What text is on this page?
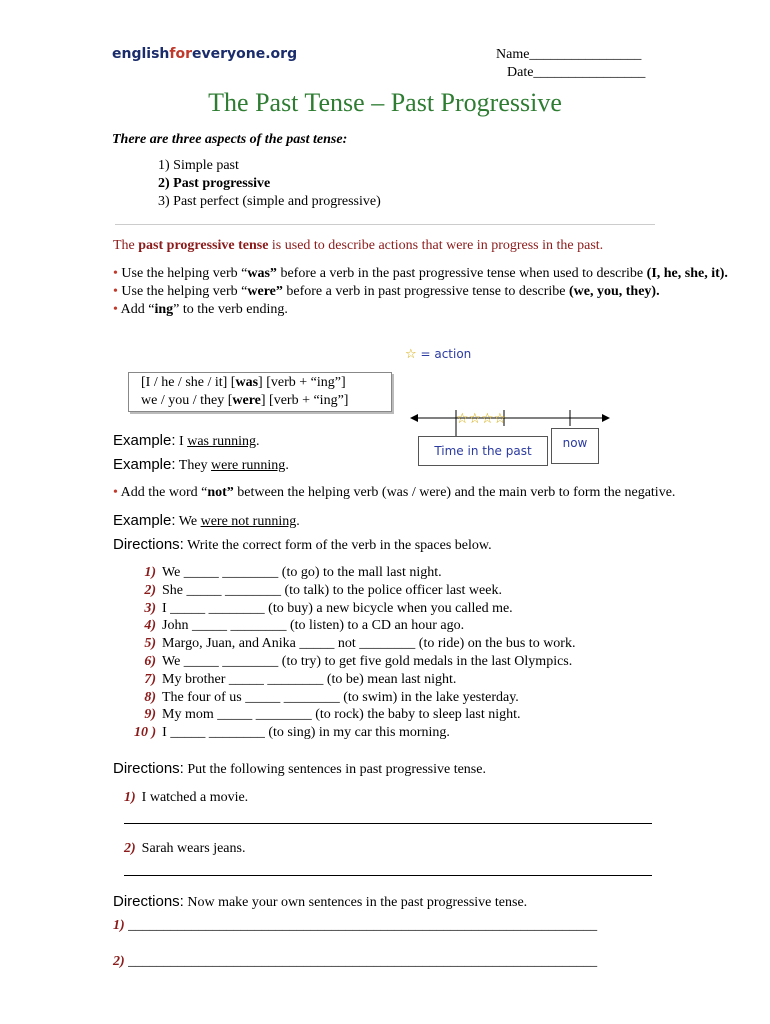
englishforeveryone.org	Name________________
Date________________
The Past Tense – Past Progressive
There are three aspects of the past tense:
1) Simple past
2) Past progressive
3) Past perfect (simple and progressive)
The past progressive tense is used to describe actions that were in progress in the past.
• Use the helping verb “was” before a verb in the past progressive tense when used to describe (I, he, she, it).
• Use the helping verb “were” before a verb in past progressive tense to describe (we, you, they).
• Add “ing” to the verb ending.
☆ = action
[I / he / she / it] [was] [verb + “ing”]
we / you / they [were] [verb + “ing”]
☆☆☆☆
Time in the past
now
Example: I was running.
Example: They were running.
• Add the word “not” between the helping verb (was / were) and the main verb to form the negative.
Example: We were not running.
Directions: Write the correct form of the verb in the spaces below.
1) We _____ ________ (to go) to the mall last night.
2) She _____ ________ (to talk) to the police officer last week.
3) I _____ ________ (to buy) a new bicycle when you called me.
4) John _____ ________ (to listen) to a CD an hour ago.
5) Margo, Juan, and Anika _____ not ________ (to ride) on the bus to work.
6) We _____ ________ (to try) to get five gold medals in the last Olympics.
7) My brother _____ ________ (to be) mean last night.
8) The four of us _____ ________ (to swim) in the lake yesterday.
9) My mom _____ ________ (to rock) the baby to sleep last night.
10 ) I _____ ________ (to sing) in my car this morning.
Directions: Put the following sentences in past progressive tense.
1) I watched a movie.
2) Sarah wears jeans.
Directions: Now make your own sentences in the past progressive tense.
1) ___________________________________________________________________
2) ___________________________________________________________________
